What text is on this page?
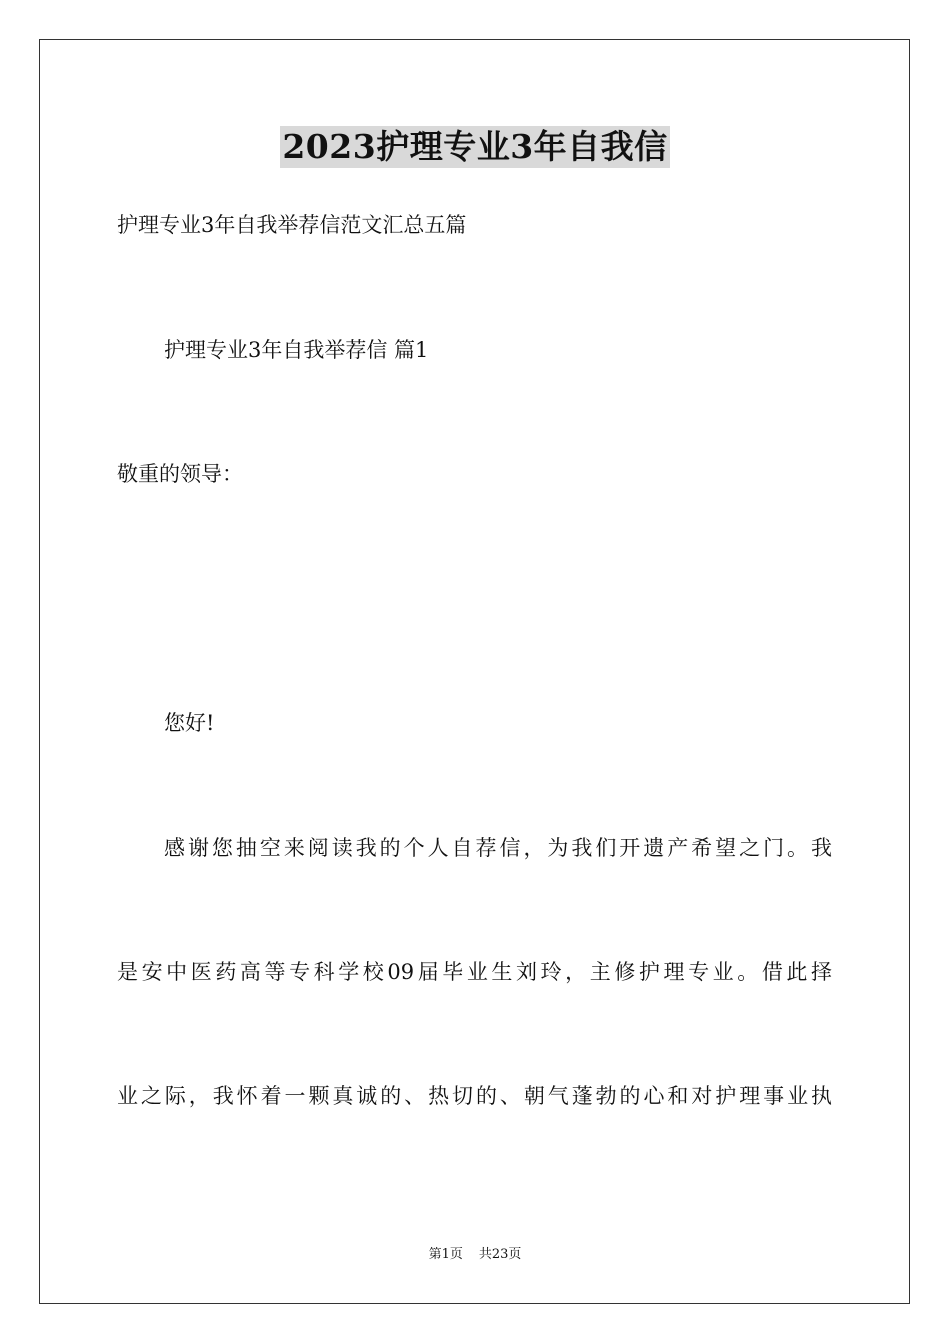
2023护理专业3年自我信
护理专业3年自我举荐信范文汇总五篇
护理专业3年自我举荐信 篇1
敬重的领导：
您好!
感谢您抽空来阅读我的个人自荐信，为我们开遗产希望之门。我
是安中医药高等专科学校09届毕业生刘玲，主修护理专业。借此择
业之际，我怀着一颗真诚的、热切的、朝气蓬勃的心和对护理事业执
第1页 共23页
